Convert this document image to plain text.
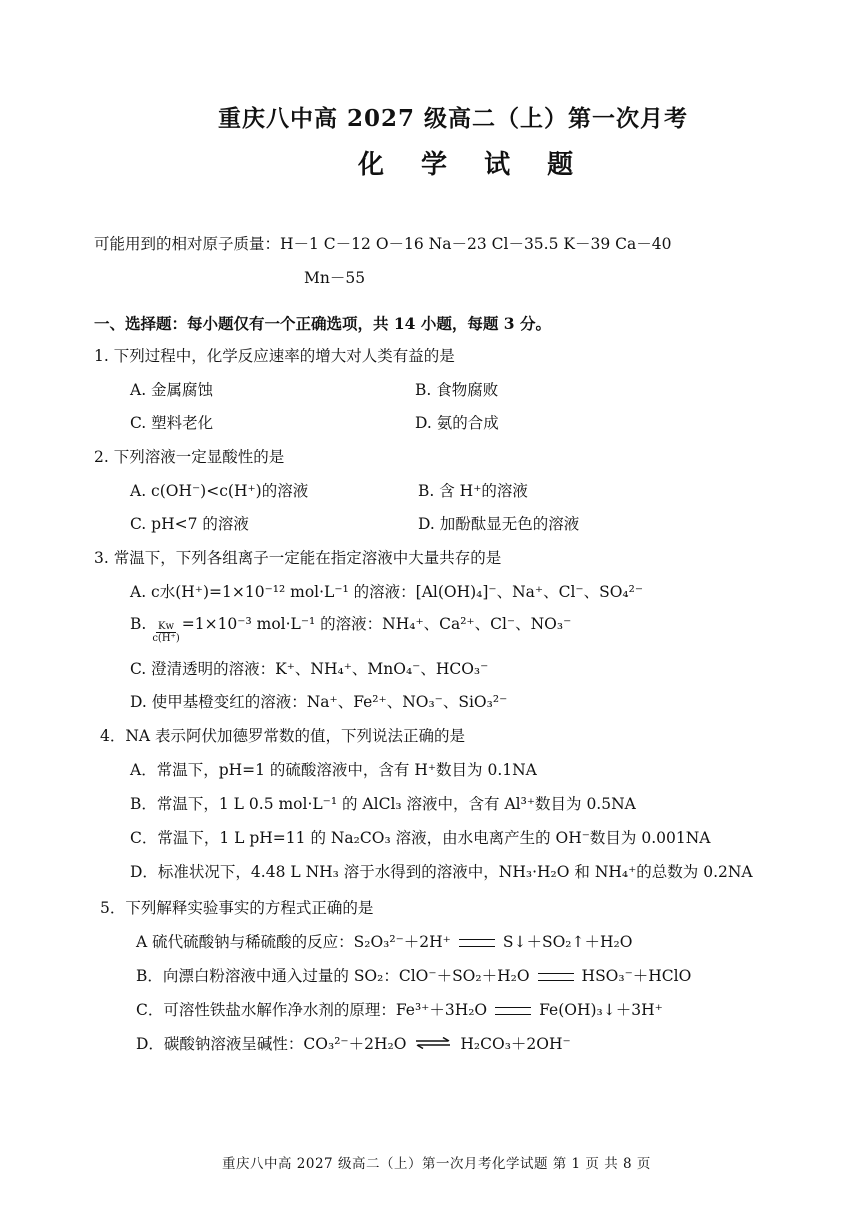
重庆八中高 2027 级高二（上）第一次月考
化 学 试 题
可能用到的相对原子质量：H－1 C－12 O－16 Na－23 Cl－35.5 K－39 Ca－40
Mn－55
一、选择题：每小题仅有一个正确选项，共 14 小题，每题 3 分。
1. 下列过程中，化学反应速率的增大对人类有益的是
A. 金属腐蚀	B. 食物腐败
C. 塑料老化	D. 氨的合成
2. 下列溶液一定显酸性的是
A. c(OH⁻)<c(H⁺)的溶液	B. 含 H⁺的溶液
C. pH<7 的溶液	D. 加酚酞显无色的溶液
3. 常温下，下列各组离子一定能在指定溶液中大量共存的是
A. c水(H⁺)=1×10⁻¹² mol·L⁻¹ 的溶液：[Al(OH)₄]⁻、Na⁺、Cl⁻、SO₄²⁻
B. $\frac{Kw}{c(H^+)} =1\times 10^{-3}$ mol·L⁻¹ 的溶液：NH₄⁺、Ca²⁺、Cl⁻、NO₃⁻
C. 澄清透明的溶液：K⁺、NH₄⁺、MnO₄⁻、HCO₃⁻
D. 使甲基橙变红的溶液：Na⁺、Fe²⁺、NO₃⁻、SiO₃²⁻
4．NA 表示阿伏加德罗常数的值，下列说法正确的是
A．常温下，pH=1 的硫酸溶液中，含有 H⁺数目为 0.1NA
B．常温下，1 L 0.5 mol·L⁻¹ 的 AlCl₃ 溶液中，含有 Al³⁺数目为 0.5NA
C．常温下，1 L pH=11 的 Na₂CO₃ 溶液，由水电离产生的 OH⁻数目为 0.001NA
D．标准状况下，4.48 L NH₃ 溶于水得到的溶液中，NH₃·H₂O 和 NH₄⁺的总数为 0.2NA
5．下列解释实验事实的方程式正确的是
A 硫代硫酸钠与稀硫酸的反应：S₂O₃²⁻＋2H⁺	S↓＋SO₂↑＋H₂O
B．向漂白粉溶液中通入过量的 SO₂：ClO⁻＋SO₂＋H₂O	HSO₃⁻＋HClO
C．可溶性铁盐水解作净水剂的原理：Fe³⁺＋3H₂O	Fe(OH)₃↓＋3H⁺
D．碳酸钠溶液呈碱性：CO₃²⁻＋2H₂O ⇌ H₂CO₃＋2OH⁻
重庆八中高 2027 级高二（上）第一次月考化学试题 第 1 页 共 8 页
